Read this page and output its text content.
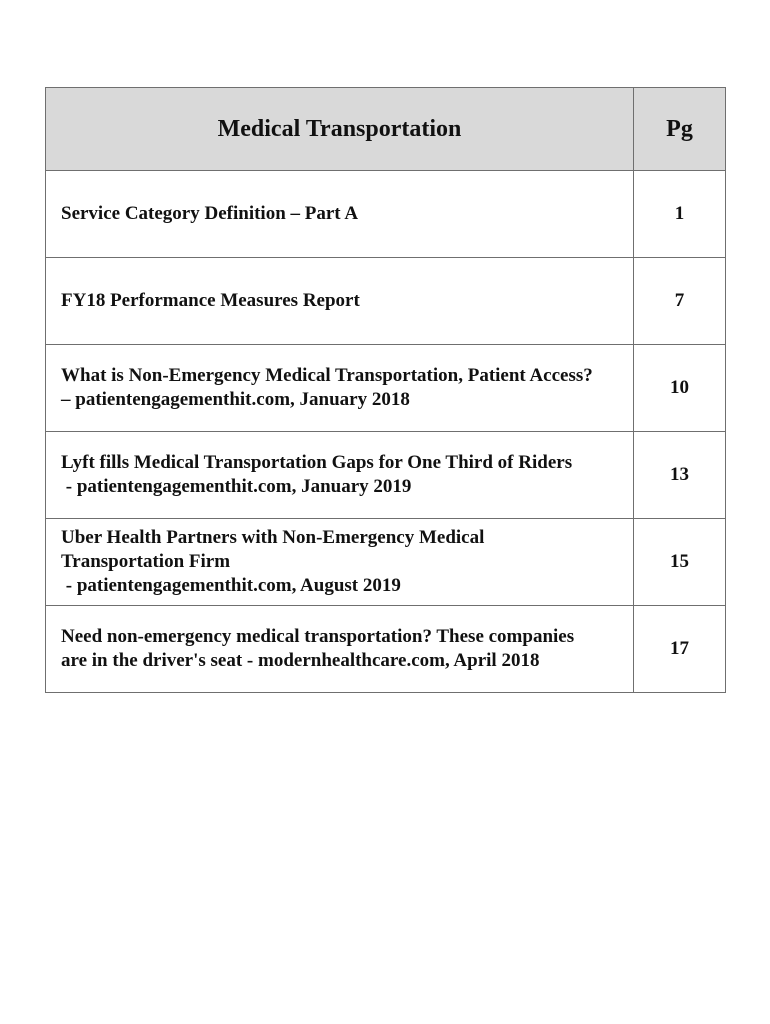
Medical Transportation	Pg

Service Category Definition – Part A	1

FY18 Performance Measures Report	7

What is Non-Emergency Medical Transportation, Patient Access?
– patientengagementhit.com, January 2018	10

Lyft fills Medical Transportation Gaps for One Third of Riders
- patientengagementhit.com, January 2019	13

Uber Health Partners with Non-Emergency Medical
Transportation Firm
- patientengagementhit.com, August 2019	15

Need non-emergency medical transportation? These companies
are in the driver's seat - modernhealthcare.com, April 2018	17
